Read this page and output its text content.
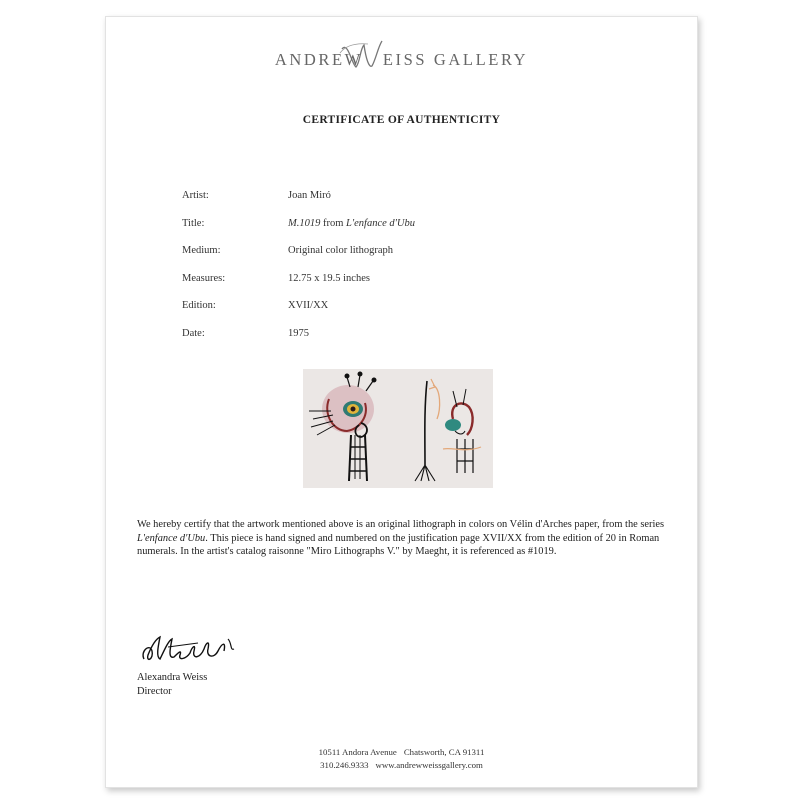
ANDREW EISS GALLERY
CERTIFICATE OF AUTHENTICITY
Artist:	Joan Miró
Title:	M.1019 from L'enfance d'Ubu
Medium:	Original color lithograph
Measures:	12.75 x 19.5 inches
Edition:	XVII/XX
Date:	1975
We hereby certify that the artwork mentioned above is an original lithograph in colors on Vélin d'Arches paper, from the series L'enfance d'Ubu. This piece is hand signed and numbered on the justification page XVII/XX from the edition of 20 in Roman numerals. In the artist's catalog raisonne "Miro Lithographs V." by Maeght, it is referenced as #1019.
Alexandra Weiss
Director
10511 Andora Avenue Chatsworth, CA 91311
310.246.9333 www.andrewweissgallery.com
